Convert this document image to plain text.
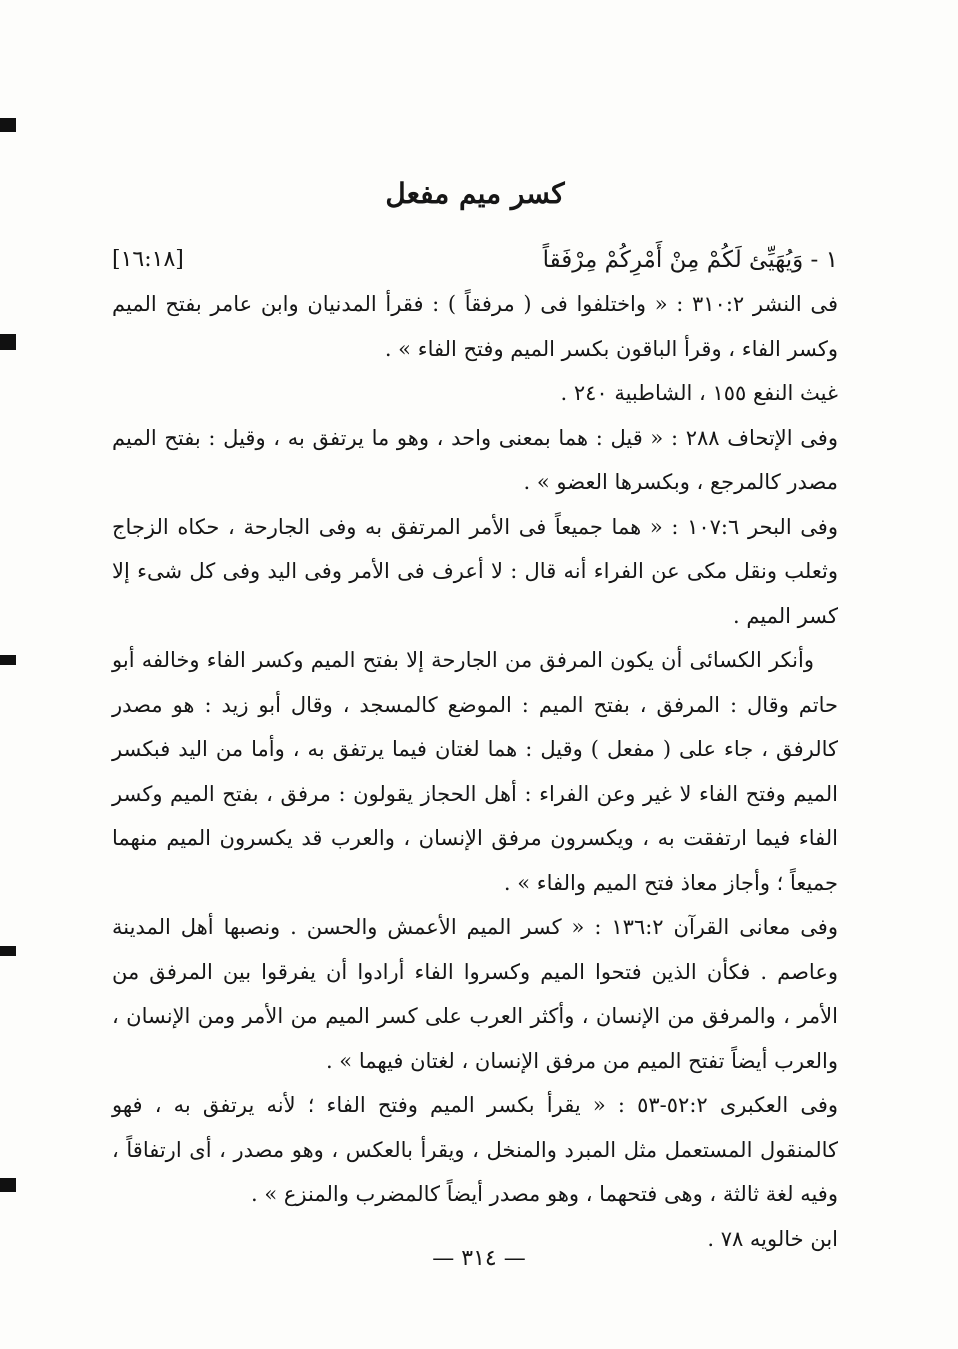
كسر ميم مفعل
١ - وَيُهَيِّئ لَكُمْ مِنْ أَمْرِكُمْ مِرْفَقاً
[١٦:١٨]

فى النشر ٣١٠:٢ : « واختلفوا فى ( مرفقاً ) : فقرأ المدنيان وابن عامر بفتح الميم وكسر الفاء ، وقرأ الباقون بكسر الميم وفتح الفاء » .

غيث النفع ١٥٥ ، الشاطبية ٢٤٠ .

وفى الإتحاف ٢٨٨ : « قيل : هما بمعنى واحد ، وهو ما يرتفق به ، وقيل : بفتح الميم مصدر كالمرجع ، وبكسرها العضو » .

وفى البحر ١٠٧:٦ : « هما جميعاً فى الأمر المرتفق به وفى الجارحة ، حكاه الزجاج وثعلب ونقل مكى عن الفراء أنه قال : لا أعرف فى الأمر وفى اليد وفى كل شىء إلا كسر الميم .

وأنكر الكسائى أن يكون المرفق من الجارحة إلا بفتح الميم وكسر الفاء وخالفه أبو حاتم وقال : المرفق ، بفتح الميم : الموضع كالمسجد ، وقال أبو زيد : هو مصدر كالرفق ، جاء على ( مفعل ) وقيل : هما لغتان فيما يرتفق به ، وأما من اليد فبكسر الميم وفتح الفاء لا غير وعن الفراء : أهل الحجاز يقولون : مرفق ، بفتح الميم وكسر الفاء فيما ارتفقت به ، ويكسرون مرفق الإنسان ، والعرب قد يكسرون الميم منهما جميعاً ؛ وأجاز معاذ فتح الميم والفاء » .

وفى معانى القرآن ١٣٦:٢ : « كسر الميم الأعمش والحسن . ونصبها أهل المدينة وعاصم . فكأن الذين فتحوا الميم وكسروا الفاء أرادوا أن يفرقوا بين المرفق من الأمر ، والمرفق من الإنسان ، وأكثر العرب على كسر الميم من الأمر ومن الإنسان ، والعرب أيضاً تفتح الميم من مرفق الإنسان ، لغتان فيهما » .

وفى العكبرى ٥٢:٢-٥٣ : « يقرأ بكسر الميم وفتح الفاء ؛ لأنه يرتفق به ، فهو كالمنقول المستعمل مثل المبرد والمنخل ، ويقرأ بالعكس ، وهو مصدر ، أى ارتفاقاً ، وفيه لغة ثالثة ، وهى فتحهما ، وهو مصدر أيضاً كالمضرب والمنزع » .

ابن خالويه ٧٨ .

— ٣١٤ —
